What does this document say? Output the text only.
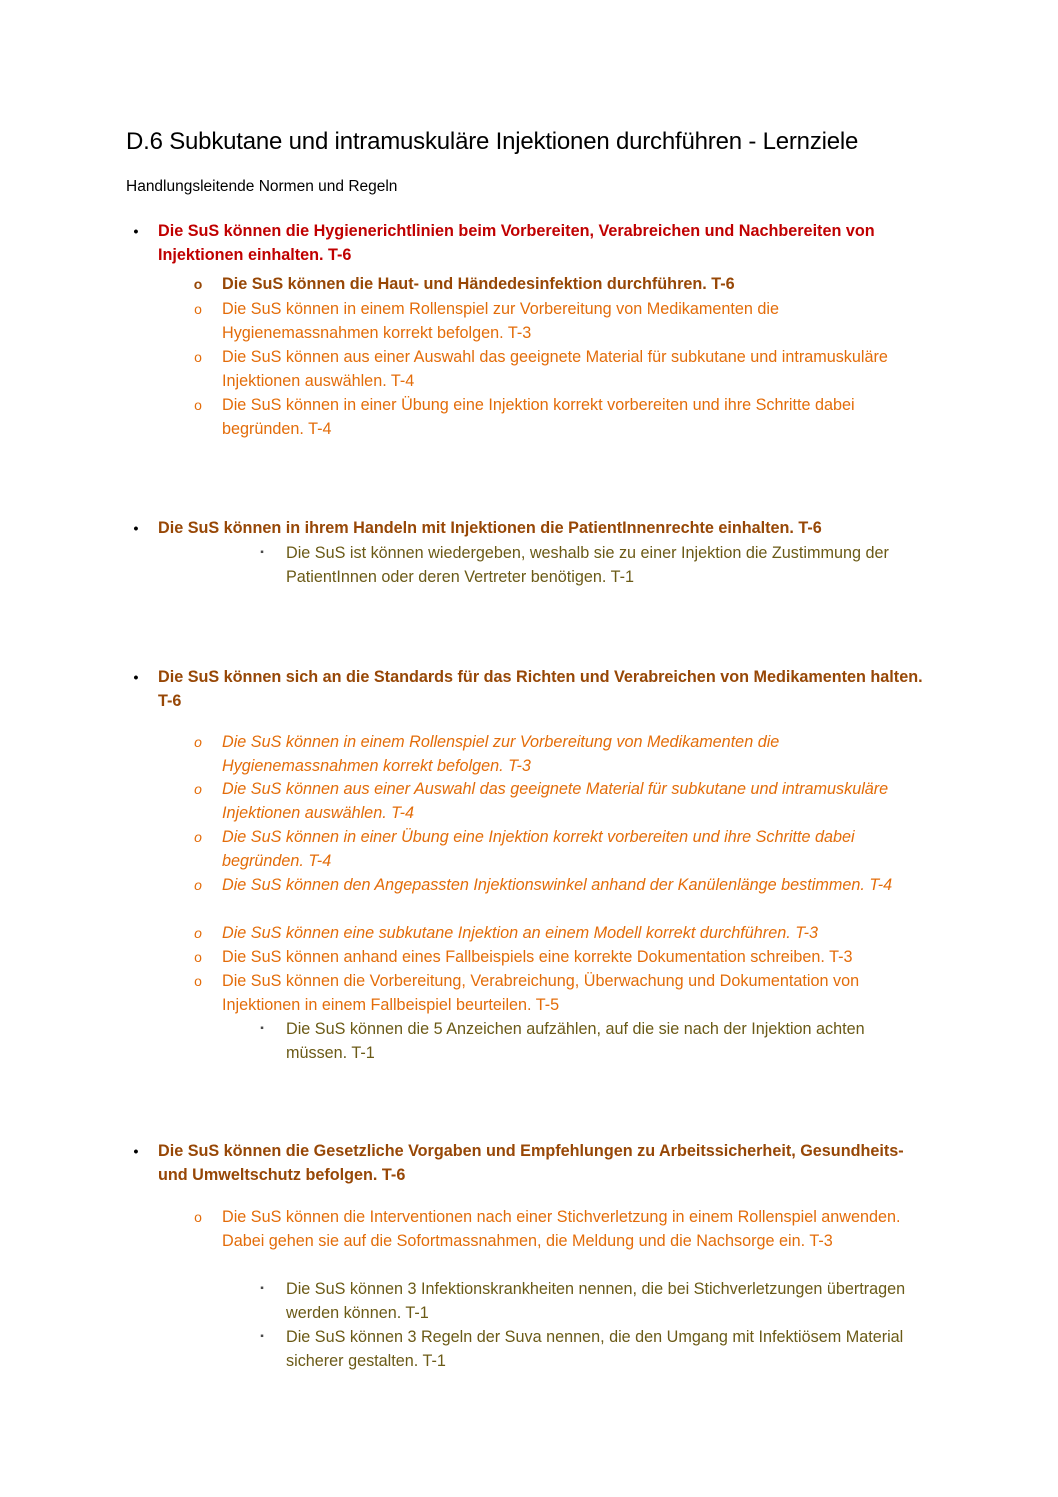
D.6 Subkutane und intramuskuläre Injektionen durchführen - Lernziele
Handlungsleitende Normen und Regeln
•	Die SuS können die Hygienerichtlinien beim Vorbereiten, Verabreichen und Nachbereiten von Injektionen einhalten. T-6
o	Die SuS können die Haut- und Händedesinfektion durchführen. T-6
o	Die SuS können in einem Rollenspiel zur Vorbereitung von Medikamenten die Hygienemassnahmen korrekt befolgen. T-3
o	Die SuS können aus einer Auswahl das geeignete Material für subkutane und intramuskuläre Injektionen auswählen. T-4
o	Die SuS können in einer Übung eine Injektion korrekt vorbereiten und ihre Schritte dabei begründen. T-4
•	Die SuS können in ihrem Handeln mit Injektionen die PatientInnenrechte einhalten. T-6
▪	Die SuS ist können wiedergeben, weshalb sie zu einer Injektion die Zustimmung der PatientInnen oder deren Vertreter benötigen. T-1
•	Die SuS können sich an die Standards für das Richten und Verabreichen von Medikamenten halten. T-6
o	Die SuS können in einem Rollenspiel zur Vorbereitung von Medikamenten die Hygienemassnahmen korrekt befolgen. T-3
o	Die SuS können aus einer Auswahl das geeignete Material für subkutane und intramuskuläre Injektionen auswählen. T-4
o	Die SuS können in einer Übung eine Injektion korrekt vorbereiten und ihre Schritte dabei begründen. T-4
o	Die SuS können den Angepassten Injektionswinkel anhand der Kanülenlänge bestimmen. T-4
o	Die SuS können eine subkutane Injektion an einem Modell korrekt durchführen. T-3
o	Die SuS können anhand eines Fallbeispiels eine korrekte Dokumentation schreiben. T-3
o	Die SuS können die Vorbereitung, Verabreichung, Überwachung und Dokumentation von Injektionen in einem Fallbeispiel beurteilen. T-5
▪	Die SuS können die 5 Anzeichen aufzählen, auf die sie nach der Injektion achten müssen. T-1
•	Die SuS können die Gesetzliche Vorgaben und Empfehlungen zu Arbeitssicherheit, Gesundheits- und Umweltschutz befolgen. T-6
o	Die SuS können die Interventionen nach einer Stichverletzung in einem Rollenspiel anwenden. Dabei gehen sie auf die Sofortmassnahmen, die Meldung und die Nachsorge ein. T-3
▪	Die SuS können 3 Infektionskrankheiten nennen, die bei Stichverletzungen übertragen werden können. T-1
▪	Die SuS können 3 Regeln der Suva nennen, die den Umgang mit Infektiösem Material sicherer gestalten. T-1
